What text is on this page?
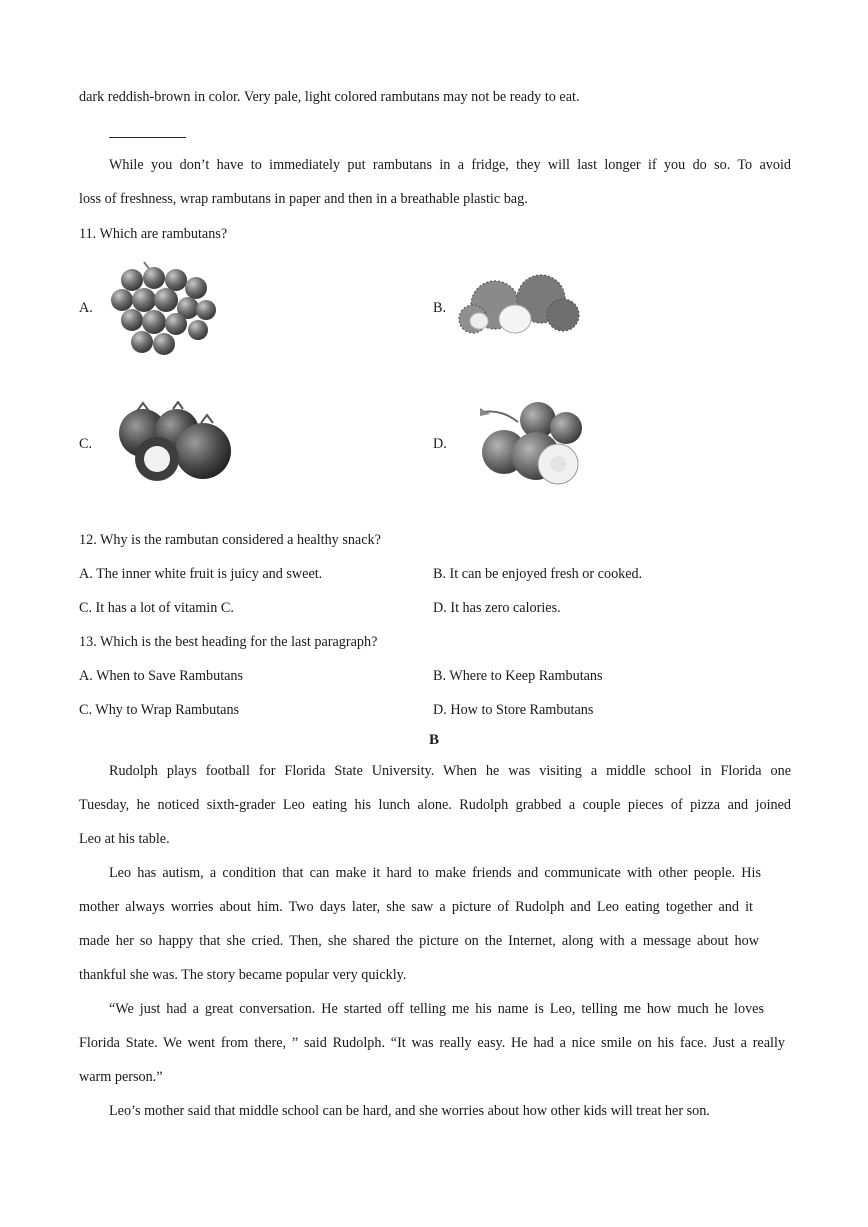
dark reddish-brown in color. Very pale, light colored rambutans may not be ready to eat.
While you don’t have to immediately put rambutans in a fridge, they will last longer if you do so. To avoid
loss of freshness, wrap rambutans in paper and then in a breathable plastic bag.
11. Which are rambutans?
A.	B.
C.	D.
12. Why is the rambutan considered a healthy snack?
A. The inner white fruit is juicy and sweet.	B. It can be enjoyed fresh or cooked.
C. It has a lot of vitamin C.	D. It has zero calories.
13. Which is the best heading for the last paragraph?
A. When to Save Rambutans	B. Where to Keep Rambutans
C. Why to Wrap Rambutans	D. How to Store Rambutans
B
Rudolph plays football for Florida State University. When he was visiting a middle school in Florida one
Tuesday, he noticed sixth-grader Leo eating his lunch alone. Rudolph grabbed a couple pieces of pizza and joined
Leo at his table.
Leo has autism, a condition that can make it hard to make friends and communicate with other people. His
mother always worries about him. Two days later, she saw a picture of Rudolph and Leo eating together and it
made her so happy that she cried. Then, she shared the picture on the Internet, along with a message about how
thankful she was. The story became popular very quickly.
“We just had a great conversation. He started off telling me his name is Leo, telling me how much he loves
Florida State. We went from there, ” said Rudolph. “It was really easy. He had a nice smile on his face. Just a really
warm person.”
Leo’s mother said that middle school can be hard, and she worries about how other kids will treat her son.
